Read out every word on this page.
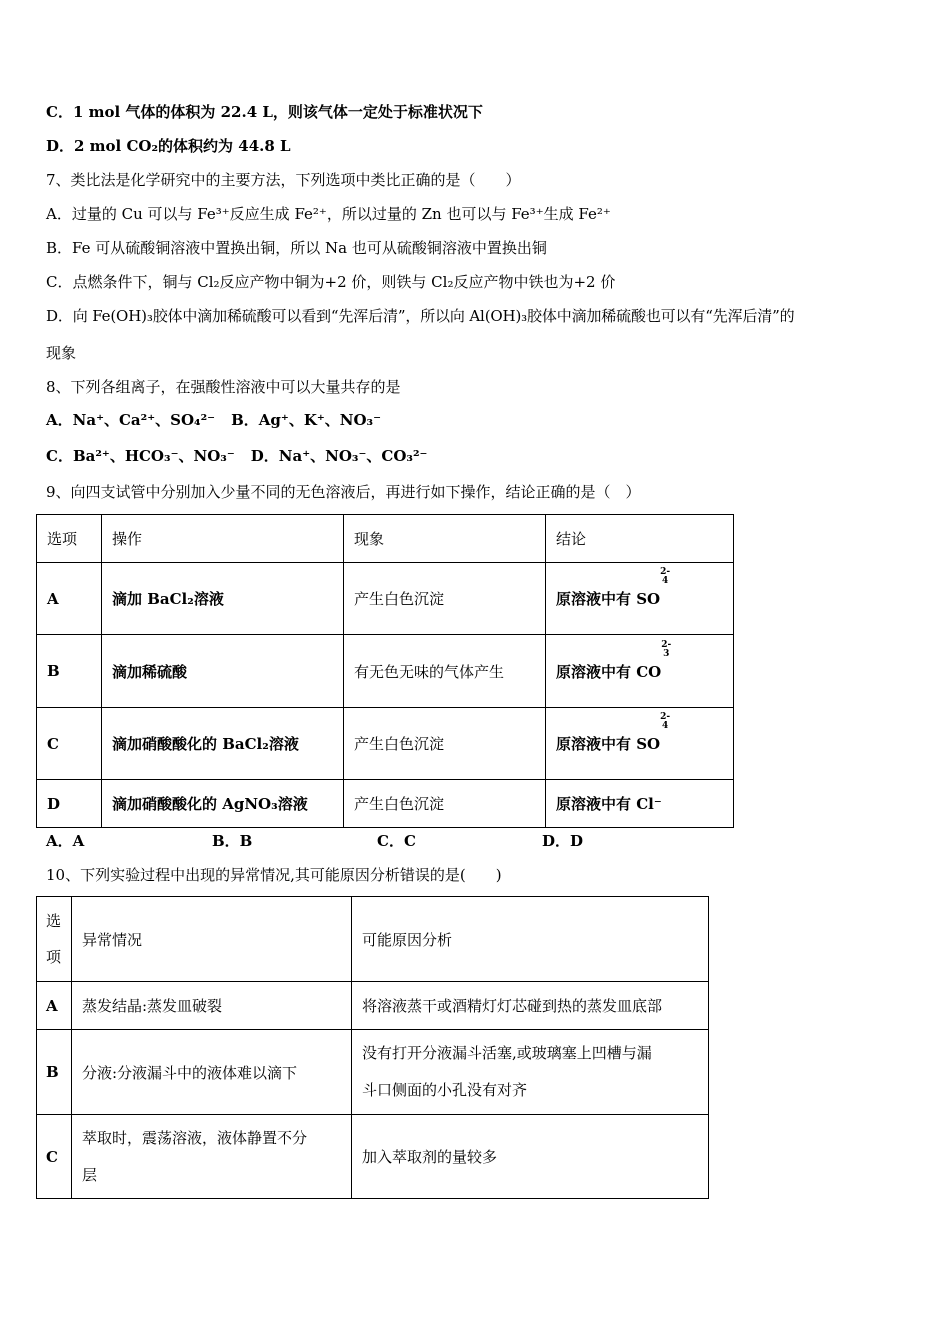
C．1 mol 气体的体积为 22.4 L，则该气体一定处于标准状况下
D．2 mol CO₂的体积约为 44.8 L
7、类比法是化学研究中的主要方法，下列选项中类比正确的是（　　）
A．过量的 Cu 可以与 Fe³⁺反应生成 Fe²⁺，所以过量的 Zn 也可以与 Fe³⁺生成 Fe²⁺
B．Fe 可从硫酸铜溶液中置换出铜，所以 Na 也可从硫酸铜溶液中置换出铜
C．点燃条件下，铜与 Cl₂反应产物中铜为+2 价，则铁与 Cl₂反应产物中铁也为+2 价
D．向 Fe(OH)₃胶体中滴加稀硫酸可以看到“先浑后清”，所以向 Al(OH)₃胶体中滴加稀硫酸也可以有“先浑后清”的
现象
8、下列各组离子，在强酸性溶液中可以大量共存的是
A．Na⁺、Ca²⁺、SO₄²⁻ B．Ag⁺、K⁺、NO₃⁻
C．Ba²⁺、HCO₃⁻、NO₃⁻ D．Na⁺、NO₃⁻、CO₃²⁻
9、向四支试管中分别加入少量不同的无色溶液后，再进行如下操作，结论正确的是（　）
选项	操作	现象	结论
A	滴加 BaCl₂溶液	产生白色沉淀	原溶液中有 SO
2-
4

B	滴加稀硫酸	有无色无味的气体产生	原溶液中有 CO
2-
3

C	滴加硝酸酸化的 BaCl₂溶液	产生白色沉淀	原溶液中有 SO
2-
4

D	滴加硝酸酸化的 AgNO₃溶液	产生白色沉淀	原溶液中有 Cl⁻
A．A	B．B	C．C	D．D
10、下列实验过程中出现的异常情况,其可能原因分析错误的是(　　)
选
项	异常情况	可能原因分析
A	蒸发结晶:蒸发皿破裂	将溶液蒸干或酒精灯灯芯碰到热的蒸发皿底部
B	分液:分液漏斗中的液体难以滴下	没有打开分液漏斗活塞,或玻璃塞上凹槽与漏
斗口侧面的小孔没有对齐
C	萃取时，震荡溶液，液体静置不分
层	加入萃取剂的量较多
